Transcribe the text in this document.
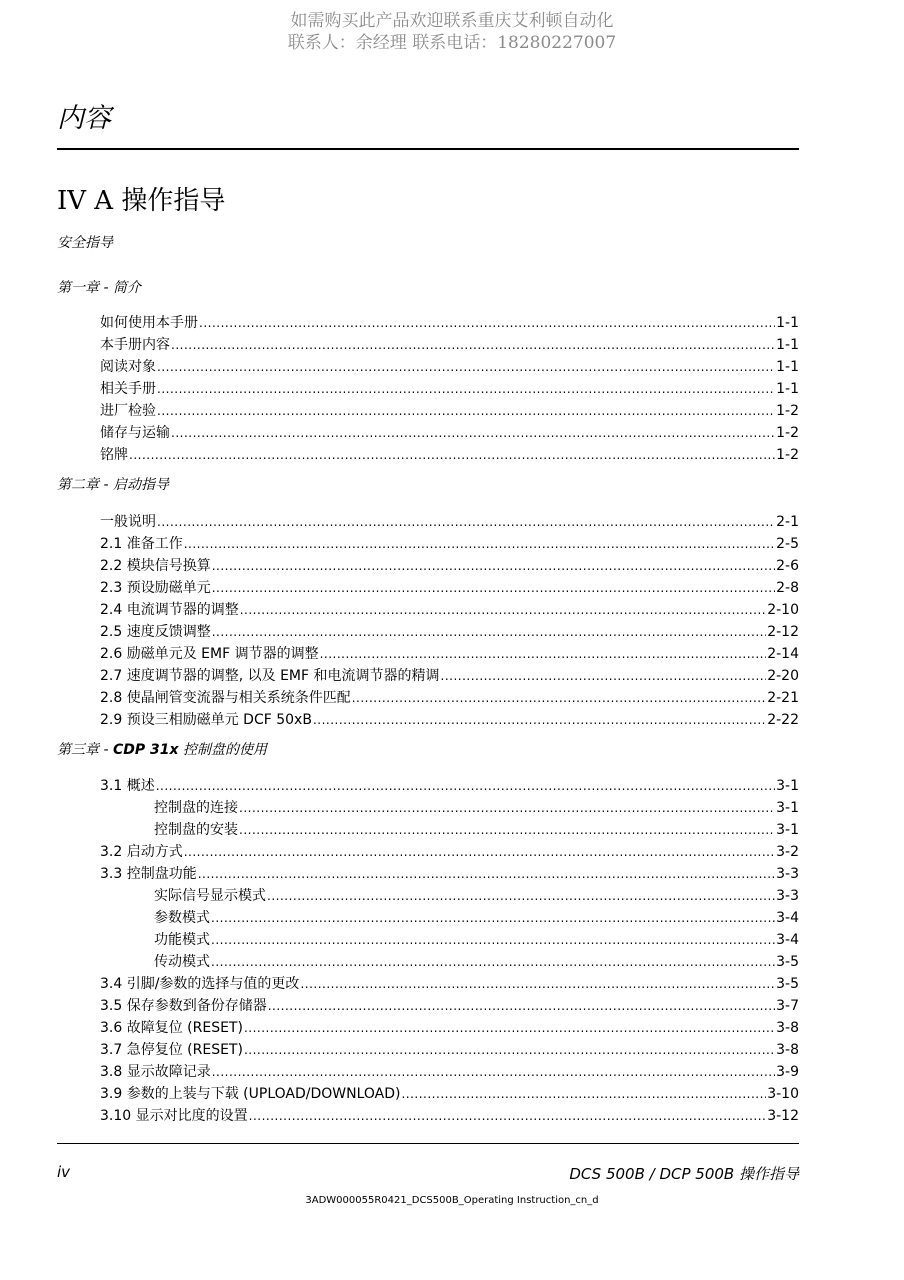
如需购买此产品欢迎联系重庆艾利顿自动化
联系人：余经理 联系电话：18280227007
内容
IV A 操作指导
安全指导
第一章 - 简介
如何使用本手册 .....	1-1
本手册内容 .....	1-1
阅读对象 .....	1-1
相关手册 .....	1-1
进厂检验 .....	1-2
储存与运输 .....	1-2
铭牌 .....	1-2
第二章 - 启动指导
一般说明 .....	2-1
2.1 准备工作 .....	2-5
2.2 模块信号换算 .....	2-6
2.3 预设励磁单元 .....	2-8
2.4 电流调节器的调整 .....	2-10
2.5 速度反馈调整 .....	2-12
2.6 励磁单元及 EMF 调节器的调整 .....	2-14
2.7 速度调节器的调整, 以及 EMF 和电流调节器的精调 .....	2-20
2.8 使晶闸管变流器与相关系统条件匹配 .....	2-21
2.9 预设三相励磁单元 DCF 50xB .....	2-22
第三章 - CDP 31x 控制盘的使用
3.1 概述 .....	3-1
控制盘的连接 .....	3-1
控制盘的安装 .....	3-1
3.2 启动方式 .....	3-2
3.3 控制盘功能 .....	3-3
实际信号显示模式 .....	3-3
参数模式 .....	3-4
功能模式 .....	3-4
传动模式 .....	3-5
3.4 引脚/参数的选择与值的更改 .....	3-5
3.5 保存参数到备份存储器 .....	3-7
3.6 故障复位 (RESET) .....	3-8
3.7 急停复位 (RESET) .....	3-8
3.8 显示故障记录 .....	3-9
3.9 参数的上装与下载 (UPLOAD/DOWNLOAD) .....	3-10
3.10 显示对比度的设置 .....	3-12
iv	DCS 500B / DCP 500B 操作指导
3ADW000055R0421_DCS500B_Operating Instruction_cn_d
